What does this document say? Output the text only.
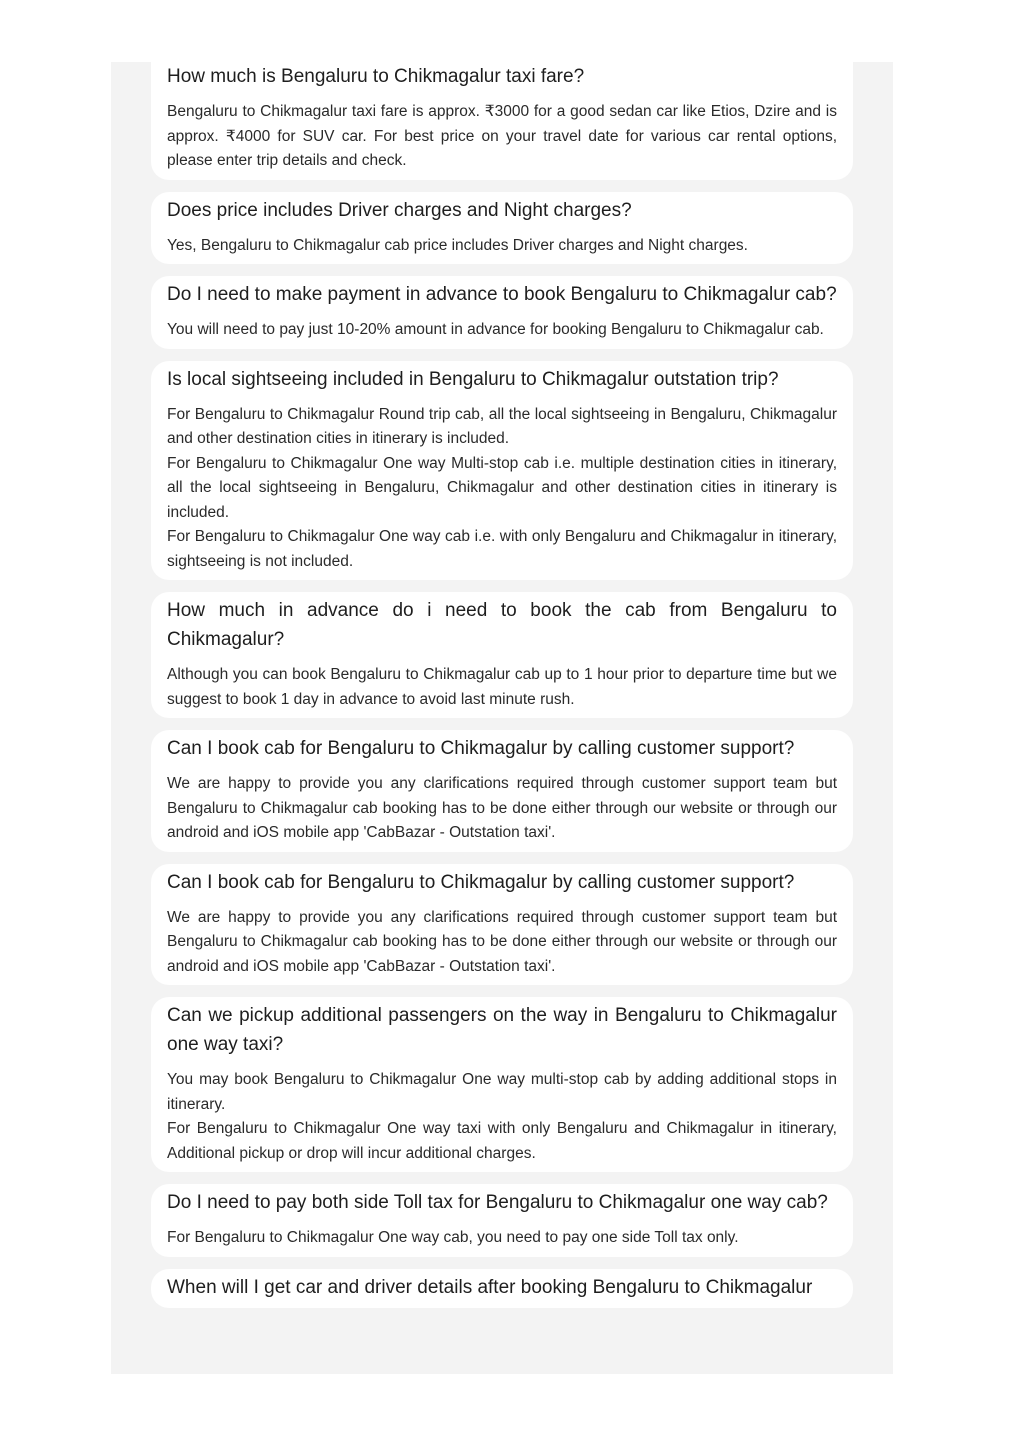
How much is Bengaluru to Chikmagalur taxi fare?

Bengaluru to Chikmagalur taxi fare is approx. ₹3000 for a good sedan car like Etios, Dzire and is approx. ₹4000 for SUV car. For best price on your travel date for various car rental options, please enter trip details and check.

Does price includes Driver charges and Night charges?

Yes, Bengaluru to Chikmagalur cab price includes Driver charges and Night charges.

Do I need to make payment in advance to book Bengaluru to Chikmagalur cab?

You will need to pay just 10-20% amount in advance for booking Bengaluru to Chikmagalur cab.

Is local sightseeing included in Bengaluru to Chikmagalur outstation trip?

For Bengaluru to Chikmagalur Round trip cab, all the local sightseeing in Bengaluru, Chikmagalur and other destination cities in itinerary is included.

For Bengaluru to Chikmagalur One way Multi-stop cab i.e. multiple destination cities in itinerary, all the local sightseeing in Bengaluru, Chikmagalur and other destination cities in itinerary is included.

For Bengaluru to Chikmagalur One way cab i.e. with only Bengaluru and Chikmagalur in itinerary, sightseeing is not included.

How much in advance do i need to book the cab from Bengaluru to Chikmagalur?

Although you can book Bengaluru to Chikmagalur cab up to 1 hour prior to departure time but we suggest to book 1 day in advance to avoid last minute rush.

Can I book cab for Bengaluru to Chikmagalur by calling customer support?

We are happy to provide you any clarifications required through customer support team but Bengaluru to Chikmagalur cab booking has to be done either through our website or through our android and iOS mobile app 'CabBazar - Outstation taxi'.

Can I book cab for Bengaluru to Chikmagalur by calling customer support?

We are happy to provide you any clarifications required through customer support team but Bengaluru to Chikmagalur cab booking has to be done either through our website or through our android and iOS mobile app 'CabBazar - Outstation taxi'.

Can we pickup additional passengers on the way in Bengaluru to Chikmagalur one way taxi?

You may book Bengaluru to Chikmagalur One way multi-stop cab by adding additional stops in itinerary.

For Bengaluru to Chikmagalur One way taxi with only Bengaluru and Chikmagalur in itinerary, Additional pickup or drop will incur additional charges.

Do I need to pay both side Toll tax for Bengaluru to Chikmagalur one way cab?

For Bengaluru to Chikmagalur One way cab, you need to pay one side Toll tax only.

When will I get car and driver details after booking Bengaluru to Chikmagalur
